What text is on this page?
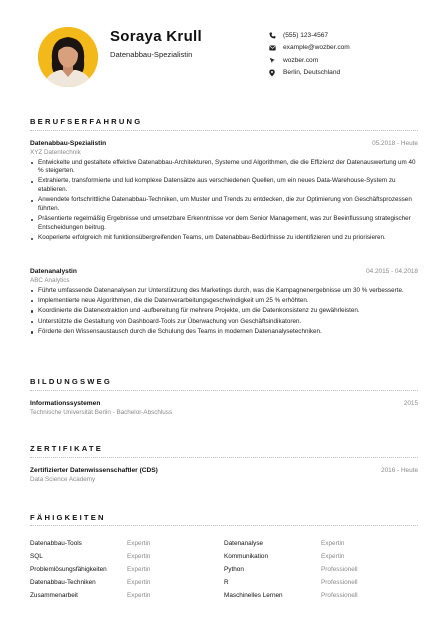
Soraya Krull
Datenabbau-Spezialistin
(555) 123-4567
example@wozber.com
wozber.com
Berlin, Deutschland
BERUFSERFAHRUNG
Datenabbau-Spezialistin	05.2018 - Heute
XYZ Datentechnik
Entwickelte und gestaltete effektive Datenabbau-Architekturen, Systeme und Algorithmen, die die Effizienz der Datenauswertung um 40 % steigerten.
Extrahierte, transformierte und lud komplexe Datensätze aus verschiedenen Quellen, um ein neues Data-Warehouse-System zu etablieren.
Anwendete fortschrittliche Datenabbau-Techniken, um Muster und Trends zu entdecken, die zur Optimierung von Geschäftsprozessen führten.
Präsentierte regelmäßig Ergebnisse und umsetzbare Erkenntnisse vor dem Senior Management, was zur Beeinflussung strategischer Entscheidungen beitrug.
Kooperierte erfolgreich mit funktionsübergreifenden Teams, um Datenabbau-Bedürfnisse zu identifizieren und zu priorisieren.
Datenanalystin	04.2015 - 04.2018
ABC Analytics
Führte umfassende Datenanalysen zur Unterstützung des Marketings durch, was die Kampagnenergebnisse um 30 % verbesserte.
Implementierte neue Algorithmen, die die Datenverarbeitungsgeschwindigkeit um 25 % erhöhten.
Koordinierte die Datenextraktion und -aufbereitung für mehrere Projekte, um die Datenkonsistenz zu gewährleisten.
Unterstützte die Gestaltung von Dashboard-Tools zur Überwachung von Geschäftsindikatoren.
Förderte den Wissensaustausch durch die Schulung des Teams in modernen Datenanalysetechniken.
BILDUNGSWEG
Informationssystemen	2015
Technische Universität Berlin - Bachelor-Abschluss
ZERTIFIKATE
Zertifizierter Datenwissenschaftler (CDS)	2016 - Heute
Data Science Academy
FÄHIGKEITEN
Datenabbau-Tools	Expertin	Datenanalyse	Expertin
SQL	Expertin	Kommunikation	Expertin
Problemlösungsfähigkeiten	Expertin	Python	Professionell
Datenabbau-Techniken	Expertin	R	Professionell
Zusammenarbeit	Expertin	Maschinelles Lernen	Professionell
